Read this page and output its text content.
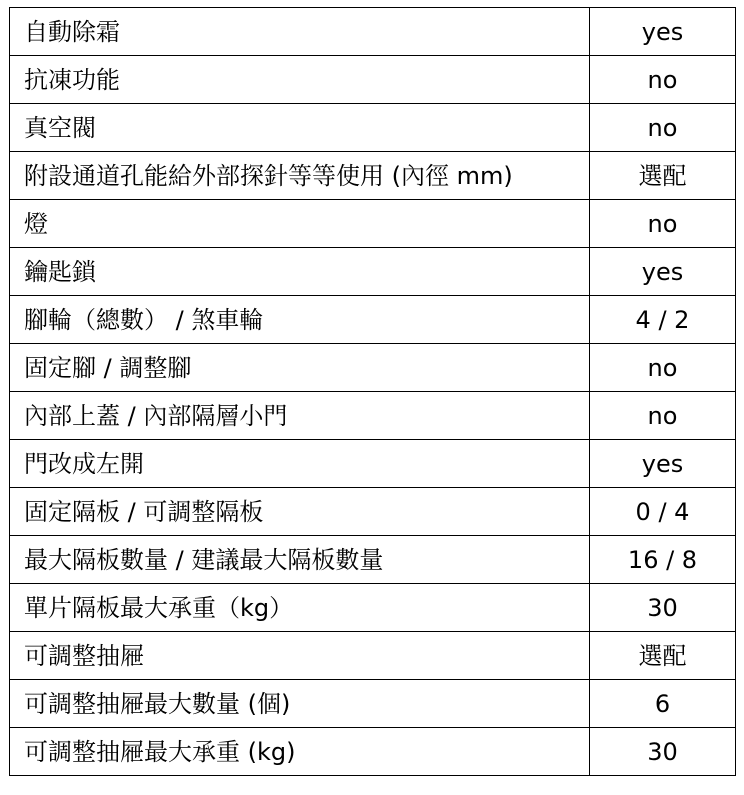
自動除霜	yes
抗凍功能	no
真空閥	no
附設通道孔能給外部探針等等使用 (內徑 mm)	選配
燈	no
鑰匙鎖	yes
腳輪（總數） / 煞車輪	4 / 2
固定腳 / 調整腳	no
內部上蓋 / 內部隔層小門	no
門改成左開	yes
固定隔板 / 可調整隔板	0 / 4
最大隔板數量 / 建議最大隔板數量	16 / 8
單片隔板最大承重（kg）	30
可調整抽屜	選配
可調整抽屜最大數量 (個)	6
可調整抽屜最大承重 (kg)	30
